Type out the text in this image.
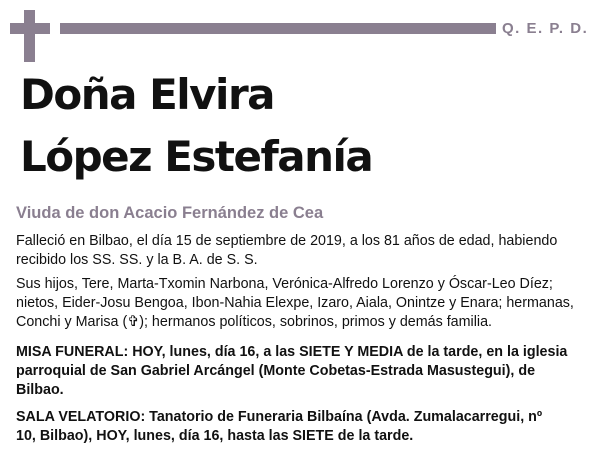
Q. E. P. D.
Doña Elvira
López Estefanía
Viuda de don Acacio Fernández de Cea
Falleció en Bilbao, el día 15 de septiembre de 2019, a los 81 años de edad, habiendo
recibido los SS. SS. y la B. A. de S. S.
Sus hijos, Tere, Marta-Txomin Narbona, Verónica-Alfredo Lorenzo y Óscar-Leo Díez;
nietos, Eider-Josu Bengoa, Ibon-Nahia Elexpe, Izaro, Aiala, Onintze y Enara; hermanas,
Conchi y Marisa (✞); hermanos políticos, sobrinos, primos y demás familia.
MISA FUNERAL: HOY, lunes, día 16, a las SIETE Y MEDIA de la tarde, en la iglesia
parroquial de San Gabriel Arcángel (Monte Cobetas-Estrada Masustegui), de
Bilbao.
SALA VELATORIO: Tanatorio de Funeraria Bilbaína (Avda. Zumalacarregui, nº
10, Bilbao), HOY, lunes, día 16, hasta las SIETE de la tarde.
